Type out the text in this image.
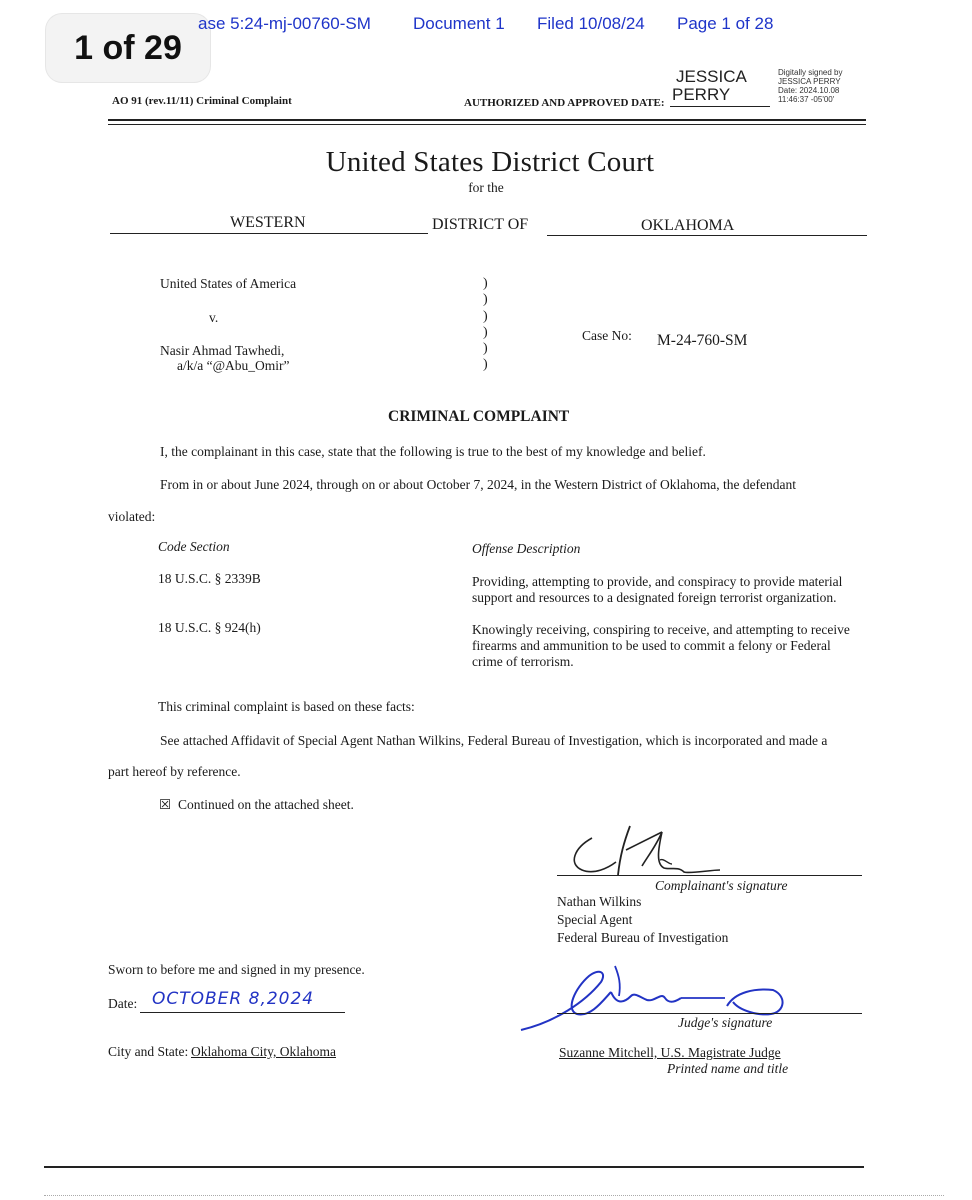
1 of 29
ase 5:24-mj-00760-SM Document 1 Filed 10/08/24 Page 1 of 28
AO 91 (rev.11/11) Criminal Complaint	AUTHORIZED AND APPROVED DATE:
JESSICA
PERRY
Digitally signed by
JESSICA PERRY
Date: 2024.10.08
11:46:37 -05'00'
United States District Court
for the
WESTERN	DISTRICT OF	OKLAHOMA
United States of America
v.
Nasir Ahmad Tawhedi,
a/k/a “@Abu_Omir”
)
)
)
)
)
)
Case No: M-24-760-SM
CRIMINAL COMPLAINT
I, the complainant in this case, state that the following is true to the best of my knowledge and belief.
From in or about June 2024, through on or about October 7, 2024, in the Western District of Oklahoma, the defendant
violated:
Code Section	Offense Description
18 U.S.C. § 2339B	Providing, attempting to provide, and conspiracy to provide material
support and resources to a designated foreign terrorist organization.
18 U.S.C. § 924(h)	Knowingly receiving, conspiring to receive, and attempting to receive
firearms and ammunition to be used to commit a felony or Federal
crime of terrorism.
This criminal complaint is based on these facts:
See attached Affidavit of Special Agent Nathan Wilkins, Federal Bureau of Investigation, which is incorporated and made a
part hereof by reference.
☒ Continued on the attached sheet.
Complainant's signature
Nathan Wilkins
Special Agent
Federal Bureau of Investigation
Sworn to before me and signed in my presence.
Date: OCTOBER 8,2024
City and State: Oklahoma City, Oklahoma
Judge's signature
Suzanne Mitchell, U.S. Magistrate Judge
Printed name and title
